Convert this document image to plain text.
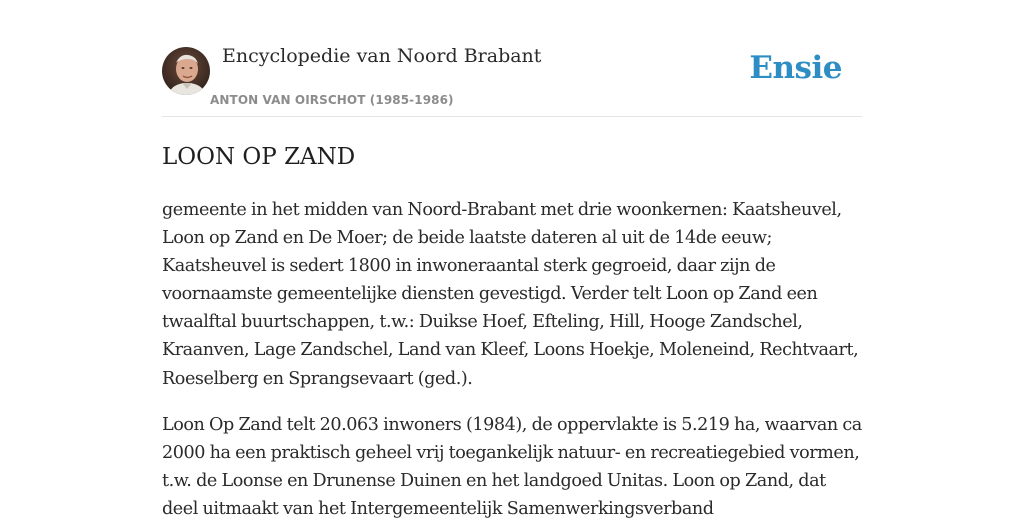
Encyclopedie van Noord Brabant
ANTON VAN OIRSCHOT (1985-1986)
Ensie
LOON OP ZAND

gemeente in het midden van Noord-Brabant met drie woonkernen: Kaatsheuvel, Loon op Zand en De Moer; de beide laatste dateren al uit de 14de eeuw; Kaatsheuvel is sedert 1800 in inwoneraantal sterk gegroeid, daar zijn de voornaamste gemeentelijke diensten gevestigd. Verder telt Loon op Zand een twaalftal buurtschappen, t.w.: Duikse Hoef, Efteling, Hill, Hooge Zandschel, Kraanven, Lage Zandschel, Land van Kleef, Loons Hoekje, Moleneind, Rechtvaart, Roeselberg en Sprangsevaart (ged.).

Loon Op Zand telt 20.063 inwoners (1984), de oppervlakte is 5.219 ha, waarvan ca 2000 ha een praktisch geheel vrij toegankelijk natuur- en recreatiegebied vormen, t.w. de Loonse en Drunense Duinen en het landgoed Unitas. Loon op Zand, dat deel uitmaakt van het Intergemeentelijk Samenwerkingsverband
